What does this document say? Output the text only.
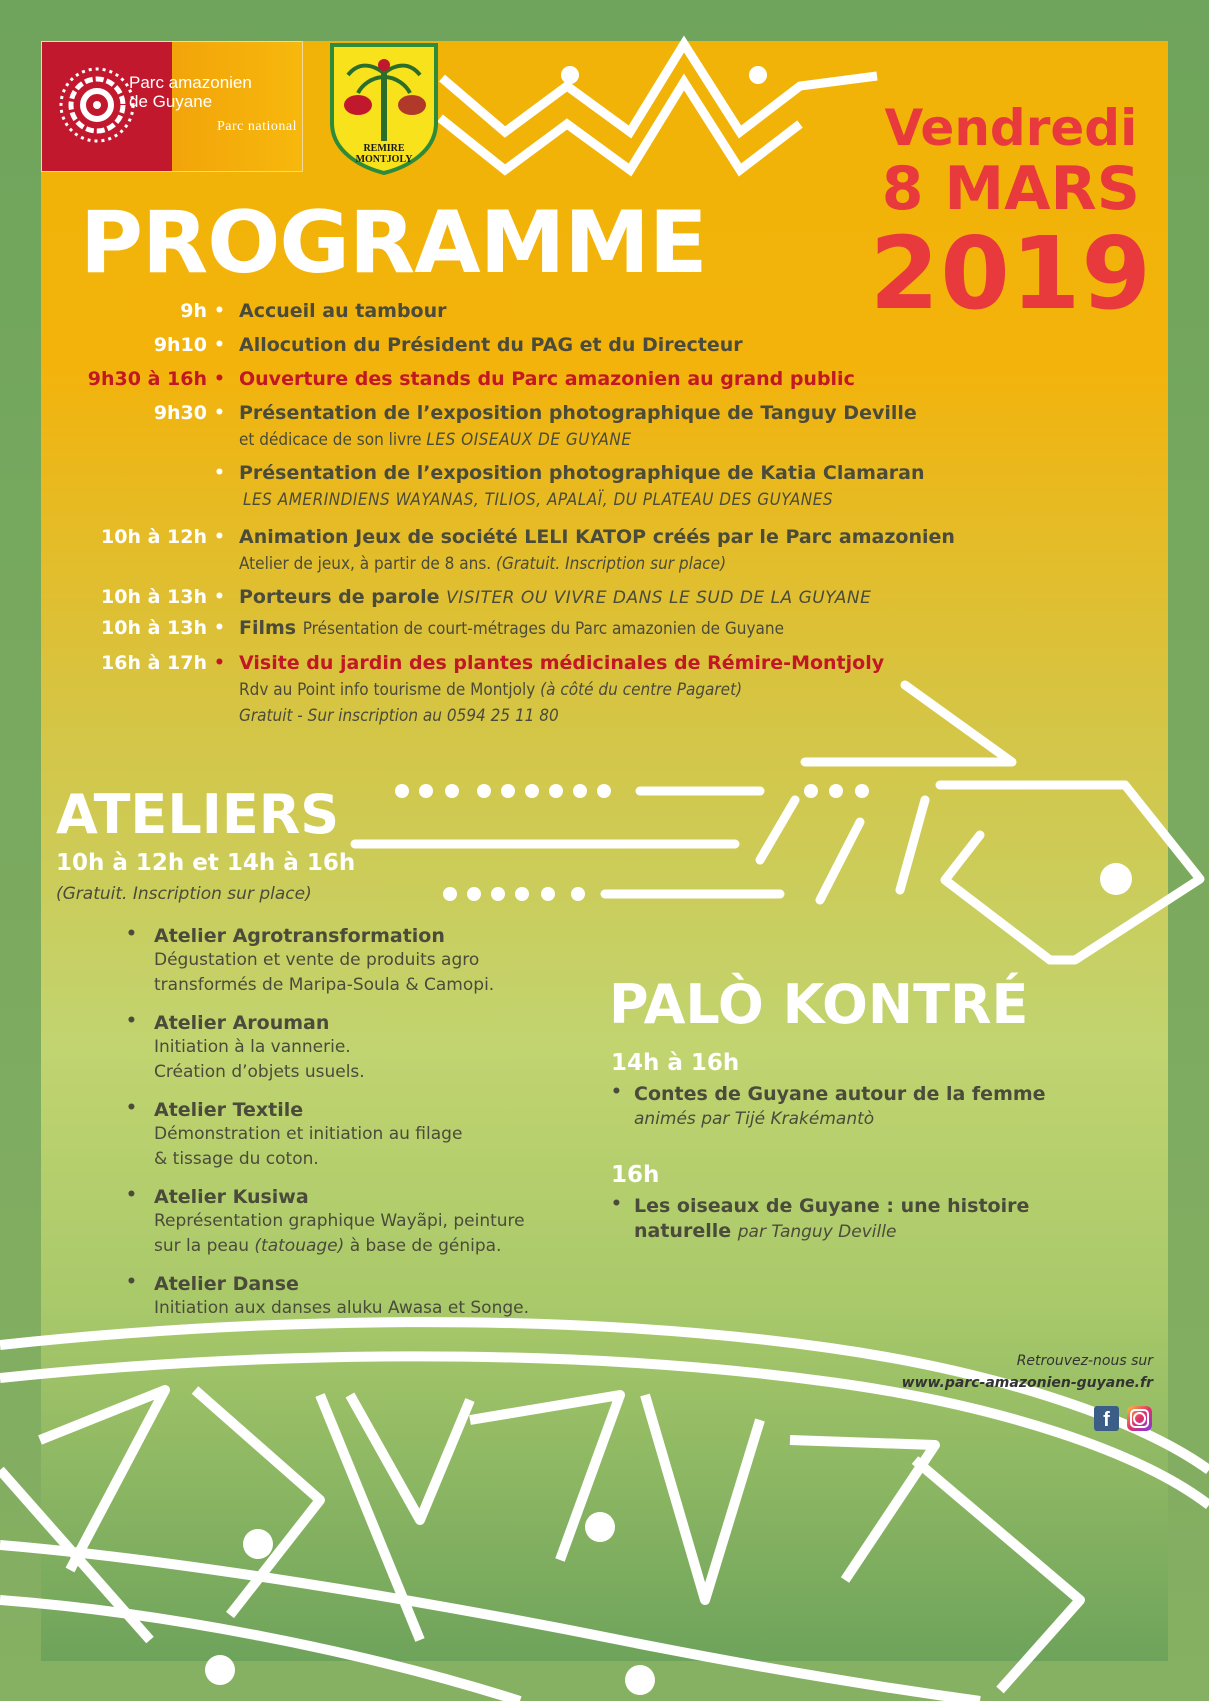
Parc amazonien
de Guyane
Parc national
REMIRE
MONTJOLY
Vendredi
8 MARS
2019
PROGRAMME
9h • Accueil au tambour
9h10 • Allocution du Président du PAG et du Directeur
9h30 à 16h • Ouverture des stands du Parc amazonien au grand public
9h30 • Présentation de l’exposition photographique de Tanguy Deville
et dédicace de son livre LES OISEAUX DE GUYANE
• Présentation de l’exposition photographique de Katia Clamaran
LES AMERINDIENS WAYANAS, TILIOS, APALAÏ, DU PLATEAU DES GUYANES
10h à 12h • Animation Jeux de société LELI KATOP créés par le Parc amazonien
Atelier de jeux, à partir de 8 ans. (Gratuit. Inscription sur place)
10h à 13h • Porteurs de parole VISITER OU VIVRE DANS LE SUD DE LA GUYANE
10h à 13h • Films Présentation de court-métrages du Parc amazonien de Guyane
16h à 17h • Visite du jardin des plantes médicinales de Rémire-Montjoly
Rdv au Point info tourisme de Montjoly (à côté du centre Pagaret)
Gratuit - Sur inscription au 0594 25 11 80
ATELIERS
10h à 12h et 14h à 16h
(Gratuit. Inscription sur place)
• Atelier Agrotransformation
Dégustation et vente de produits agro
transformés de Maripa-Soula & Camopi.
• Atelier Arouman
Initiation à la vannerie.
Création d’objets usuels.
• Atelier Textile
Démonstration et initiation au filage
& tissage du coton.
• Atelier Kusiwa
Représentation graphique Wayãpi, peinture
sur la peau (tatouage) à base de génipa.
• Atelier Danse
Initiation aux danses aluku Awasa et Songe.
PALÒ KONTRÉ
14h à 16h
• Contes de Guyane autour de la femme
animés par Tijé Krakémantò
16h
• Les oiseaux de Guyane : une histoire
naturelle par Tanguy Deville
Retrouvez-nous sur
www.parc-amazonien-guyane.fr
f
